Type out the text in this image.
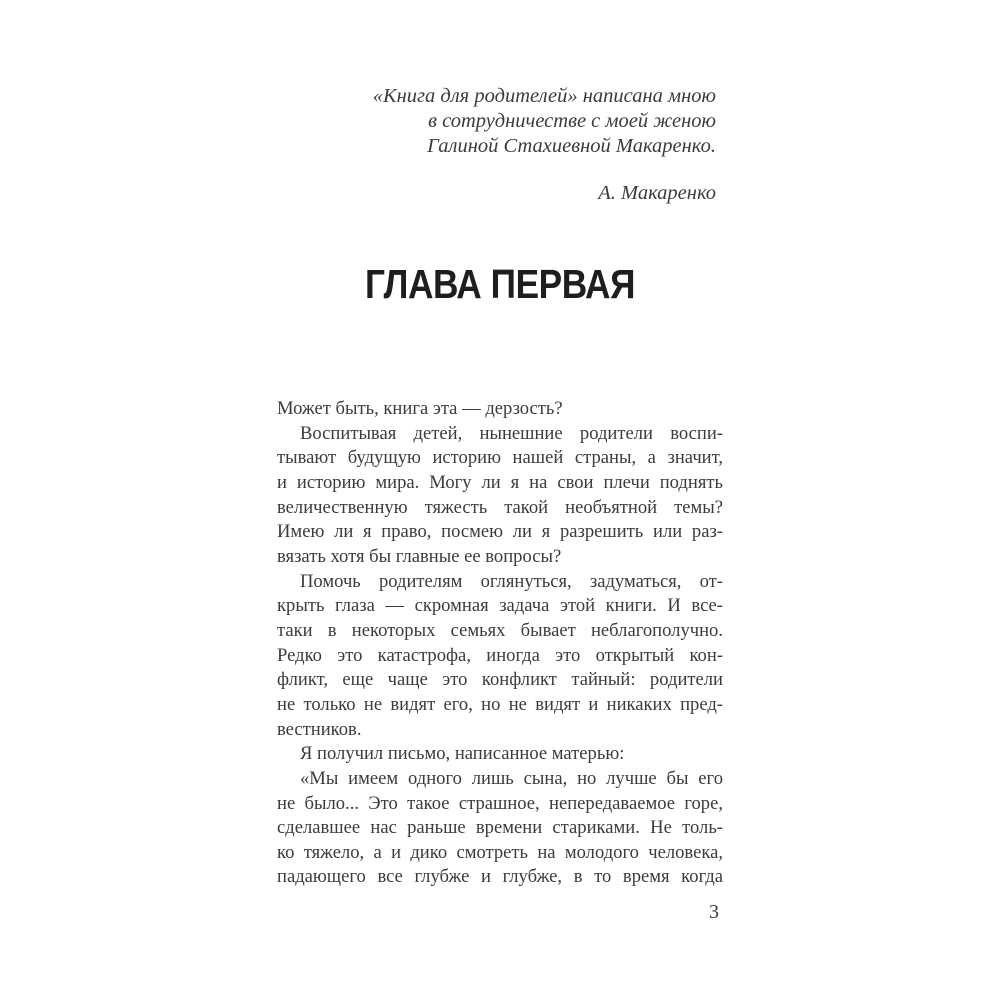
«Книга для родителей» написана мною
в сотрудничестве с моей женою
Галиной Стахиевной Макаренко.
А. Макаренко
ГЛАВА ПЕРВАЯ
Может быть, книга эта — дерзость?
Воспитывая детей, нынешние родители воспи-
тывают будущую историю нашей страны, а значит,
и историю мира. Могу ли я на свои плечи поднять
величественную тяжесть такой необъятной темы?
Имею ли я право, посмею ли я разрешить или раз-
вязать хотя бы главные ее вопросы?
Помочь родителям оглянуться, задуматься, от-
крыть глаза — скромная задача этой книги. И все-
таки в некоторых семьях бывает неблагополучно.
Редко это катастрофа, иногда это открытый кон-
фликт, еще чаще это конфликт тайный: родители
не только не видят его, но не видят и никаких пред-
вестников.
Я получил письмо, написанное матерью:
«Мы имеем одного лишь сына, но лучше бы его
не было... Это такое страшное, непередаваемое горе,
сделавшее нас раньше времени стариками. Не толь-
ко тяжело, а и дико смотреть на молодого человека,
падающего все глубже и глубже, в то время когда
3
